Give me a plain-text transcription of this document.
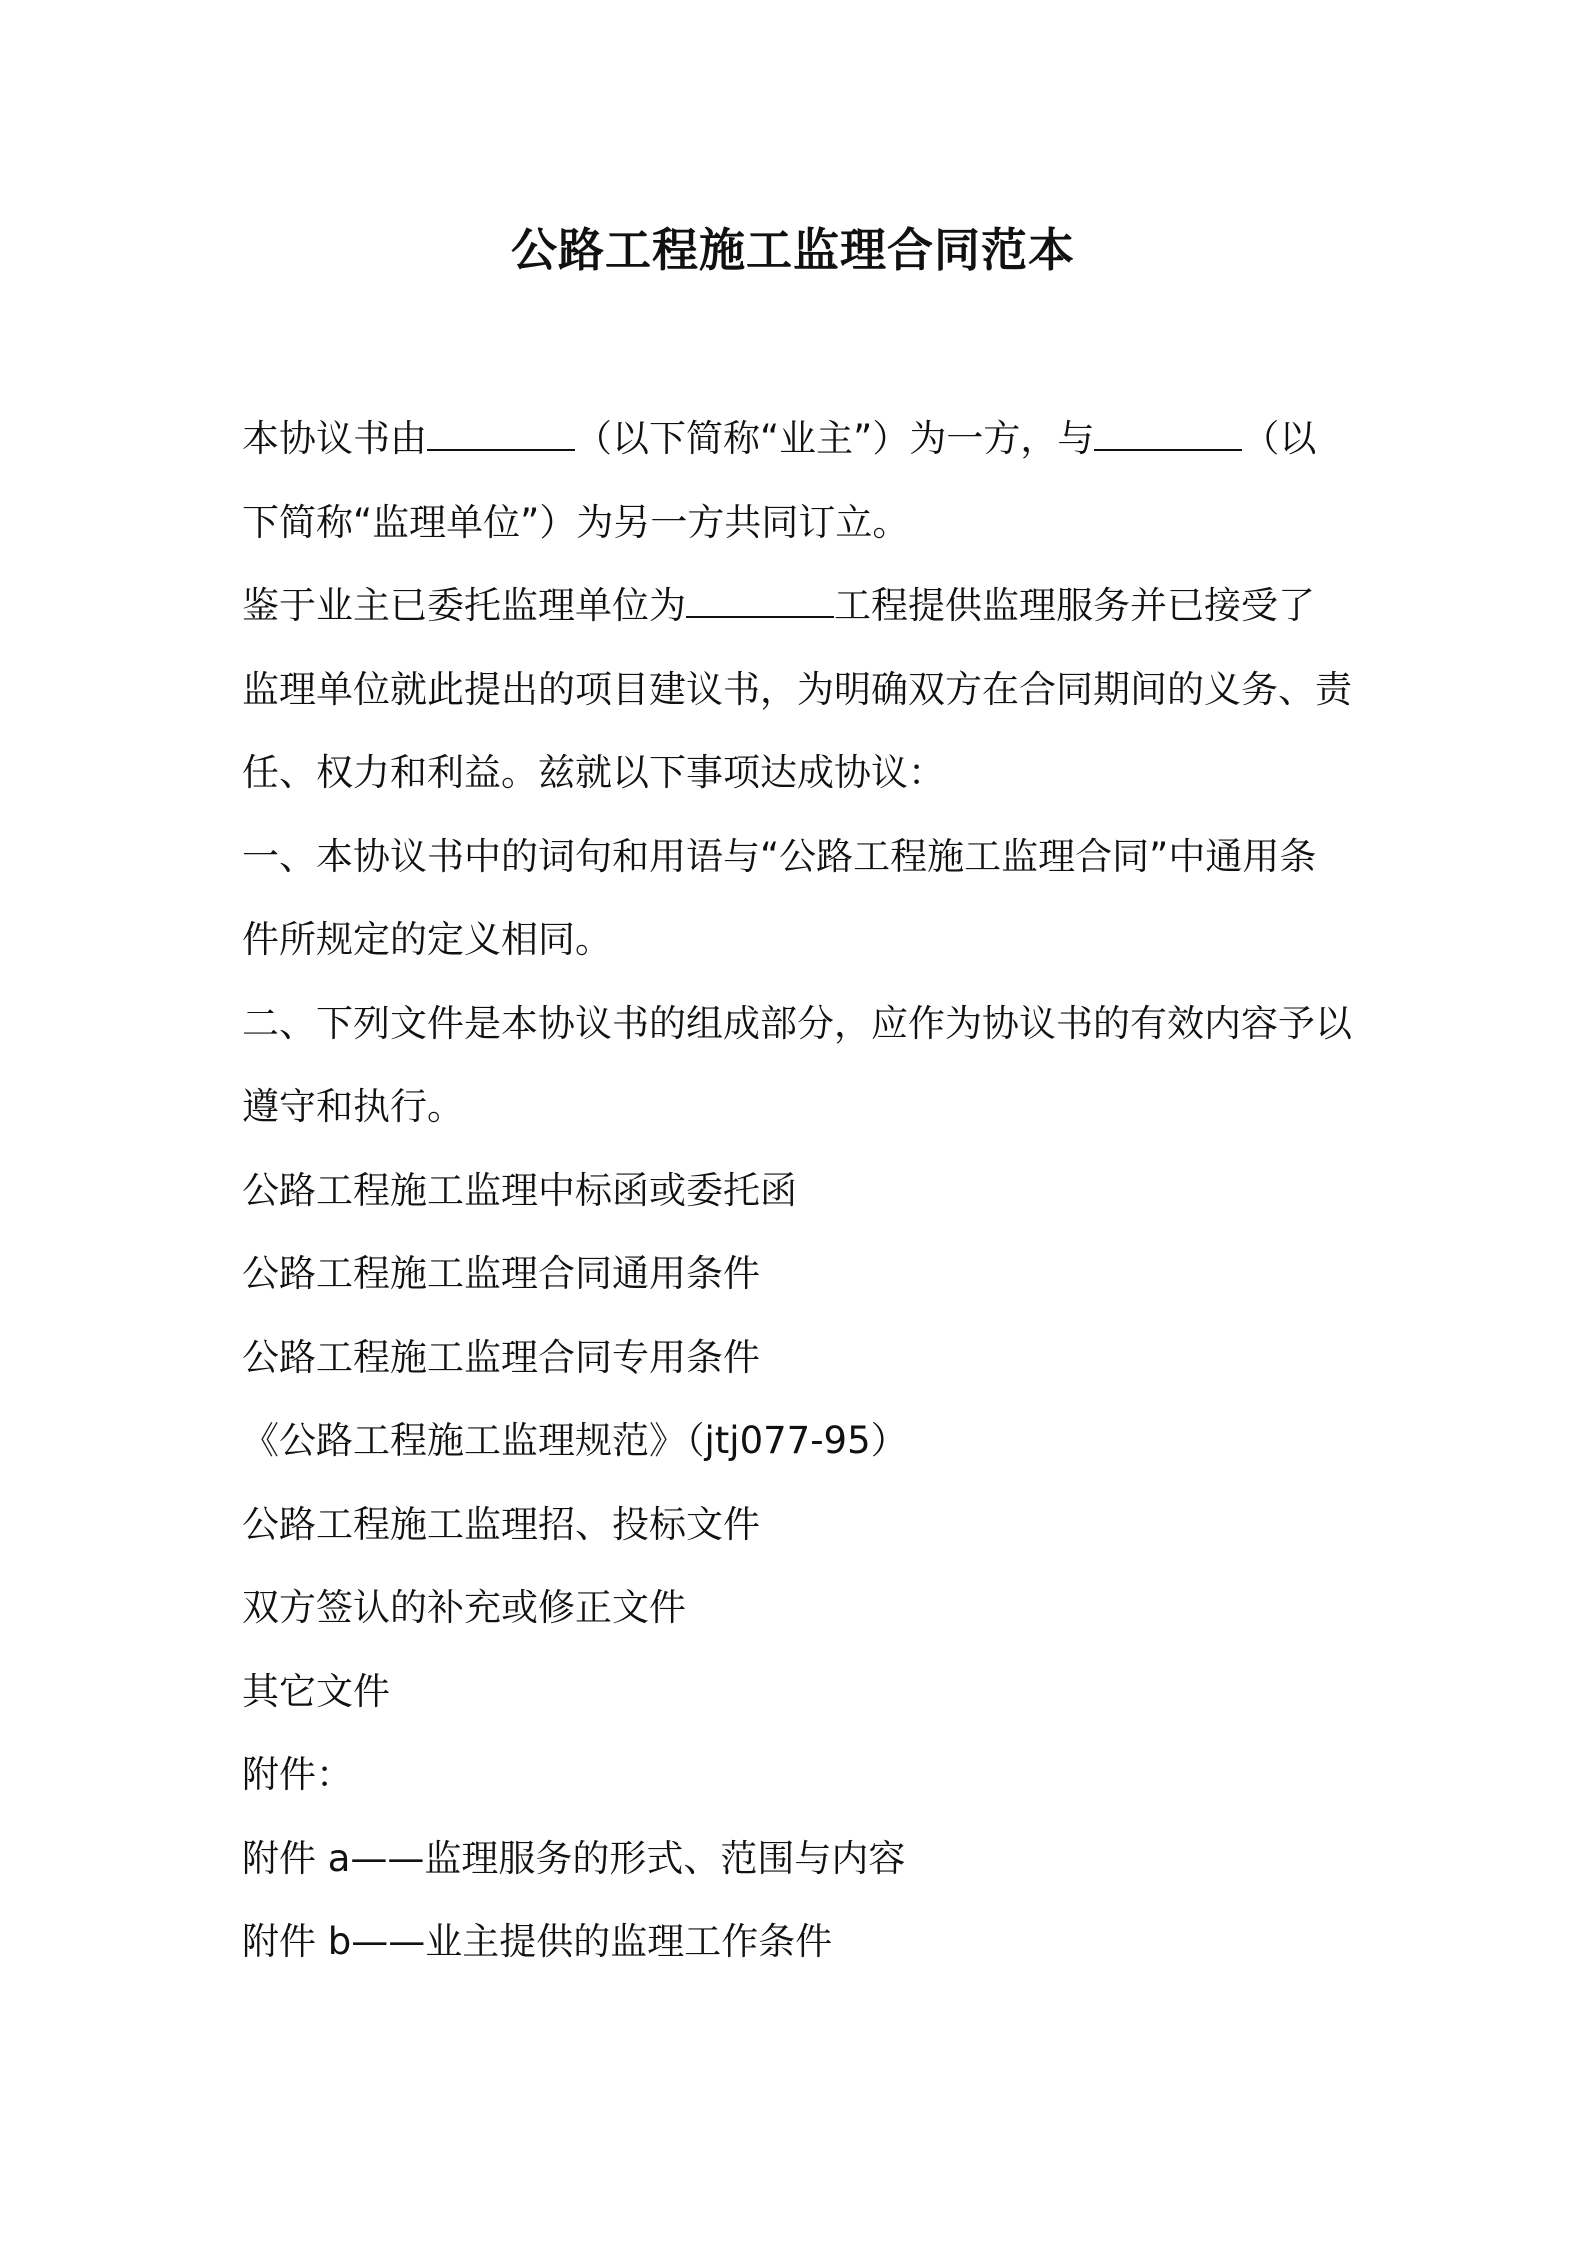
公路工程施工监理合同范本

本协议书由	（以下简称“业主”）为一方，与	（以

下简称“监理单位”）为另一方共同订立。

鉴于业主已委托监理单位为	工程提供监理服务并已接受了

监理单位就此提出的项目建议书，为明确双方在合同期间的义务、责

任、权力和利益。兹就以下事项达成协议：

一、本协议书中的词句和用语与“公路工程施工监理合同”中通用条

件所规定的定义相同。

二、下列文件是本协议书的组成部分，应作为协议书的有效内容予以

遵守和执行。

公路工程施工监理中标函或委托函

公路工程施工监理合同通用条件

公路工程施工监理合同专用条件

《公路工程施工监理规范》（jtj077-95）

公路工程施工监理招、投标文件

双方签认的补充或修正文件

其它文件

附件：

附件 a——监理服务的形式、范围与内容

附件 b——业主提供的监理工作条件
